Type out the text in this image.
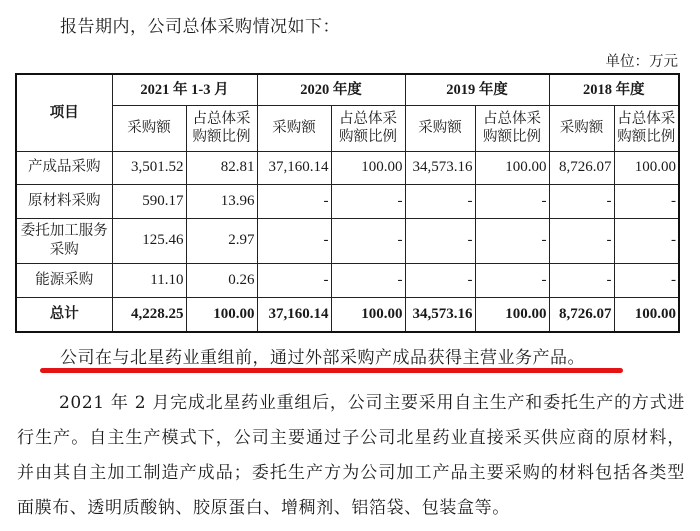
报告期内，公司总体采购情况如下：
单位：万元
项目	2021 年 1-3 月		2020 年度		2019 年度		2018 年度	
	采购额	占总体采购额比例	采购额	占总体采购额比例	采购额	占总体采购额比例	采购额	占总体采购额比例
产成品采购	3,501.52	82.81	37,160.14	100.00	34,573.16	100.00	8,726.07	100.00
原材料采购	590.17	13.96	-	-	-	-	-	-
委托加工服务采购	125.46	2.97	-	-	-	-	-	-
能源采购	11.10	0.26	-	-	-	-	-	-
总计	4,228.25	100.00	37,160.14	100.00	34,573.16	100.00	8,726.07	100.00
公司在与北星药业重组前，通过外部采购产成品获得主营业务产品。
2021 年 2 月完成北星药业重组后，公司主要采用自主生产和委托生产的方式进行生产。自主生产模式下，公司主要通过子公司北星药业直接采买供应商的原材料，并由其自主加工制造产成品；委托生产方为公司加工产品主要采购的材料包括各类型面膜布、透明质酸钠、胶原蛋白、增稠剂、铝箔袋、包装盒等。
